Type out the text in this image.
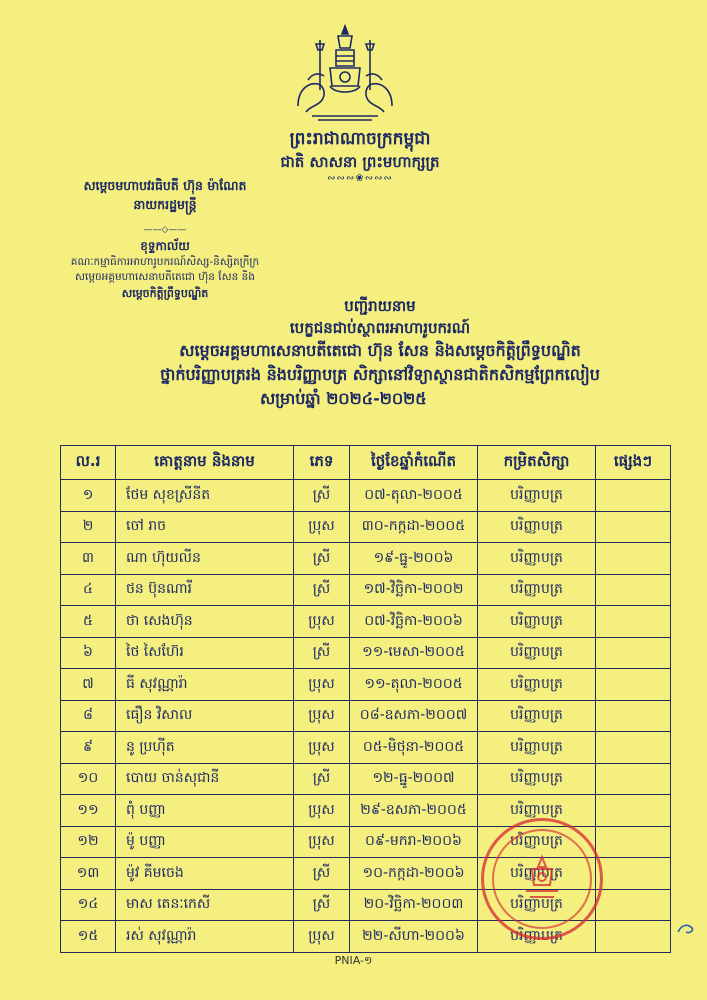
ព្រះរាជាណាចក្រកម្ពុជា
ជាតិ សាសនា ព្រះមហាក្សត្រ
∾∾∾❀∾∾∾
សម្តេចមហាបវរធិបតី ហ៊ុន ម៉ាណែត
នាយករដ្ឋមន្ត្រី
——◇——
ខុទ្ទកាល័យ
គណៈកម្មាធិការអាហារូបករណ៍សិស្ស-និស្សិតក្រីក្រ
សម្តេចអគ្គមហាសេនាបតីតេជោ ហ៊ុន សែន និង
សម្តេចកិត្តិព្រឹទ្ធបណ្ឌិត
បញ្ជីរាយនាម
បេក្ខជនជាប់ស្ថាពរអាហារូបករណ៍
សម្តេចអគ្គមហាសេនាបតីតេជោ ហ៊ុន សែន និងសម្តេចកិត្តិព្រឹទ្ធបណ្ឌិត
ថ្នាក់បរិញ្ញាបត្ររង និងបរិញ្ញាបត្រ សិក្សានៅវិទ្យាស្ថានជាតិកសិកម្មព្រែកលៀប
សម្រាប់ឆ្នាំ ២០២៤-២០២៥
ល.រ	គោត្តនាម និងនាម	ភេទ	ថ្ងៃខែឆ្នាំកំណើត	កម្រិតសិក្សា	ផ្សេងៗ
១	ថែម សុខស្រីនីត	ស្រី	០៧-តុលា-២០០៥	បរិញ្ញាបត្រ	
២	ចៅ រាច	ប្រុស	៣០-កក្កដា-២០០៥	បរិញ្ញាបត្រ	
៣	ណា ហ៊ុយលីន	ស្រី	១៩-ធ្នូ-២០០៦	បរិញ្ញាបត្រ	
៤	ថន ប៊ុនណារី	ស្រី	១៧-វិច្ឆិកា-២០០២	បរិញ្ញាបត្រ	
៥	ថា សេងហ៊ុន	ប្រុស	០៧-វិច្ឆិកា-២០០៦	បរិញ្ញាបត្រ	
៦	ថៃ សៃហ៊ែរ	ស្រី	១១-មេសា-២០០៥	បរិញ្ញាបត្រ	
៧	ធី សុវណ្ណារ៉ា	ប្រុស	១១-តុលា-២០០៥	បរិញ្ញាបត្រ	
៨	ធឿន វិសាល	ប្រុស	០៨-ឧសភា-២០០៧	បរិញ្ញាបត្រ	
៩	នូ ប្រហ៊ីត	ប្រុស	០៥-មិថុនា-២០០៥	បរិញ្ញាបត្រ	
១០	បោយ ចាន់សុជានី	ស្រី	១២-ធ្នូ-២០០៧	បរិញ្ញាបត្រ	
១១	ពុំ បញ្ញា	ប្រុស	២៩-ឧសភា-២០០៥	បរិញ្ញាបត្រ	
១២	ម៉ូ បញ្ញា	ប្រុស	០៩-មករា-២០០៦	បរិញ្ញាបត្រ	
១៣	ម៉ូវ គីមចេង	ស្រី	១០-កក្កដា-២០០៦	បរិញ្ញាបត្រ	
១៤	មាស តេនៈកេសី	ស្រី	២០-វិច្ឆិកា-២០០៣	បរិញ្ញាបត្រ	
១៥	រស់ សុវណ្ណារ៉ា	ប្រុស	២២-សីហា-២០០៦	បរិញ្ញាបត្រ	
PNIA-១
